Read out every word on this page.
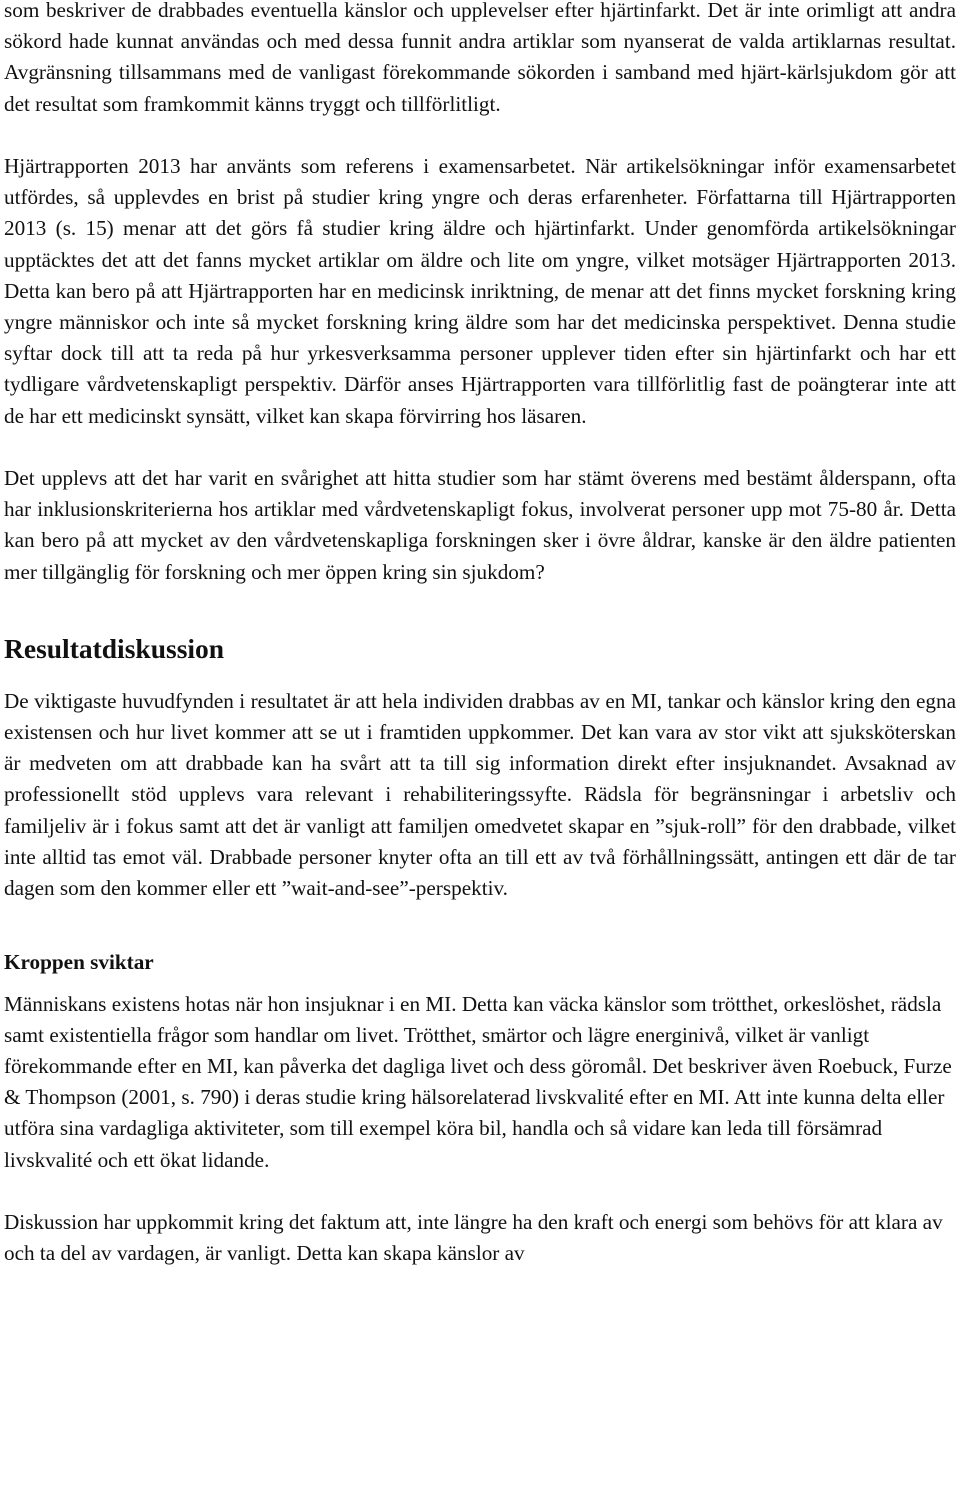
som beskriver de drabbades eventuella känslor och upplevelser efter hjärtinfarkt. Det är inte orimligt att andra sökord hade kunnat användas och med dessa funnit andra artiklar som nyanserat de valda artiklarnas resultat. Avgränsning tillsammans med de vanligast förekommande sökorden i samband med hjärt-kärlsjukdom gör att det resultat som framkommit känns tryggt och tillförlitligt.

Hjärtrapporten 2013 har använts som referens i examensarbetet. När artikelsökningar inför examensarbetet utfördes, så upplevdes en brist på studier kring yngre och deras erfarenheter. Författarna till Hjärtrapporten 2013 (s. 15) menar att det görs få studier kring äldre och hjärtinfarkt. Under genomförda artikelsökningar upptäcktes det att det fanns mycket artiklar om äldre och lite om yngre, vilket motsäger Hjärtrapporten 2013. Detta kan bero på att Hjärtrapporten har en medicinsk inriktning, de menar att det finns mycket forskning kring yngre människor och inte så mycket forskning kring äldre som har det medicinska perspektivet. Denna studie syftar dock till att ta reda på hur yrkesverksamma personer upplever tiden efter sin hjärtinfarkt och har ett tydligare vårdvetenskapligt perspektiv. Därför anses Hjärtrapporten vara tillförlitlig fast de poängterar inte att de har ett medicinskt synsätt, vilket kan skapa förvirring hos läsaren.

Det upplevs att det har varit en svårighet att hitta studier som har stämt överens med bestämt ålderspann, ofta har inklusionskriterierna hos artiklar med vårdvetenskapligt fokus, involverat personer upp mot 75-80 år. Detta kan bero på att mycket av den vårdvetenskapliga forskningen sker i övre åldrar, kanske är den äldre patienten mer tillgänglig för forskning och mer öppen kring sin sjukdom?

Resultatdiskussion

De viktigaste huvudfynden i resultatet är att hela individen drabbas av en MI, tankar och känslor kring den egna existensen och hur livet kommer att se ut i framtiden uppkommer. Det kan vara av stor vikt att sjuksköterskan är medveten om att drabbade kan ha svårt att ta till sig information direkt efter insjuknandet. Avsaknad av professionellt stöd upplevs vara relevant i rehabiliteringssyfte. Rädsla för begränsningar i arbetsliv och familjeliv är i fokus samt att det är vanligt att familjen omedvetet skapar en ”sjuk-roll” för den drabbade, vilket inte alltid tas emot väl. Drabbade personer knyter ofta an till ett av två förhållningssätt, antingen ett där de tar dagen som den kommer eller ett ”wait-and-see”-perspektiv.

Kroppen sviktar

Människans existens hotas när hon insjuknar i en MI. Detta kan väcka känslor som trötthet, orkeslöshet, rädsla samt existentiella frågor som handlar om livet. Trötthet, smärtor och lägre energinivå, vilket är vanligt förekommande efter en MI, kan påverka det dagliga livet och dess göromål. Det beskriver även Roebuck, Furze & Thompson (2001, s. 790) i deras studie kring hälsorelaterad livskvalité efter en MI. Att inte kunna delta eller utföra sina vardagliga aktiviteter, som till exempel köra bil, handla och så vidare kan leda till försämrad livskvalité och ett ökat lidande.

Diskussion har uppkommit kring det faktum att, inte längre ha den kraft och energi som behövs för att klara av och ta del av vardagen, är vanligt. Detta kan skapa känslor av
